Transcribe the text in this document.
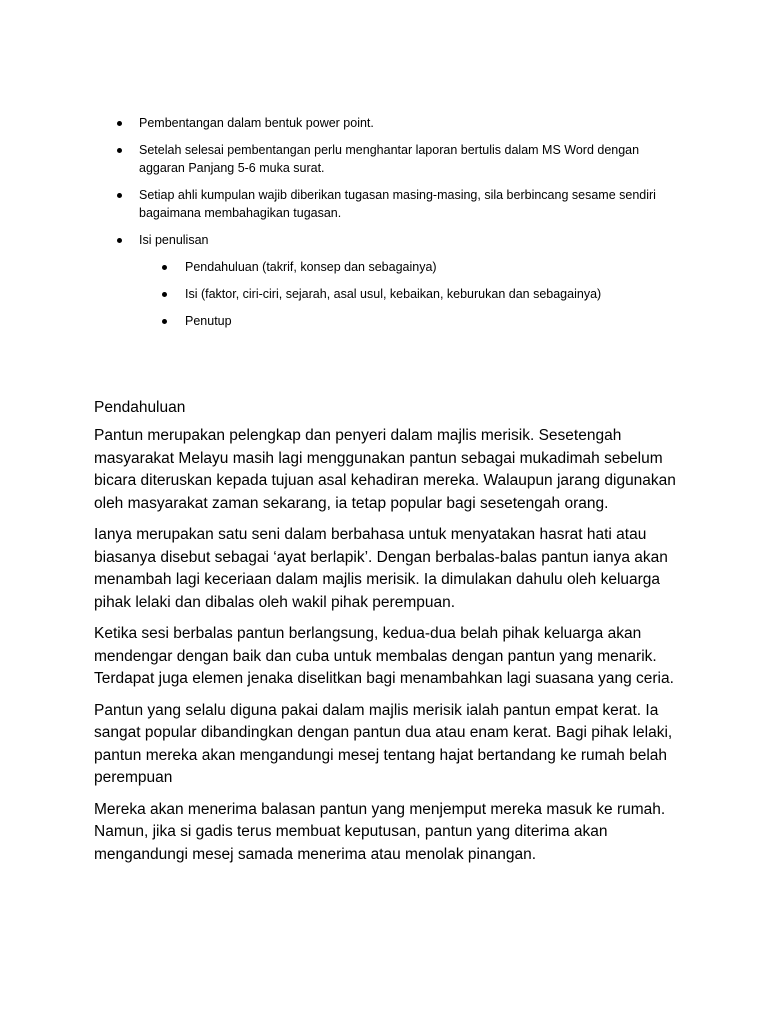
Pembentangan dalam bentuk power point.
Setelah selesai pembentangan perlu menghantar laporan bertulis dalam MS Word dengan aggaran Panjang 5-6 muka surat.
Setiap ahli kumpulan wajib diberikan tugasan masing-masing, sila berbincang sesame sendiri bagaimana membahagikan tugasan.
Isi penulisan
Pendahuluan (takrif, konsep dan sebagainya)
Isi (faktor, ciri-ciri, sejarah, asal usul, kebaikan, keburukan dan sebagainya)
Penutup
Pendahuluan

Pantun merupakan pelengkap dan penyeri dalam majlis merisik. Sesetengah masyarakat Melayu masih lagi menggunakan pantun sebagai mukadimah sebelum bicara diteruskan kepada tujuan asal kehadiran mereka. Walaupun jarang digunakan oleh masyarakat zaman sekarang, ia tetap popular bagi sesetengah orang.

Ianya merupakan satu seni dalam berbahasa untuk menyatakan hasrat hati atau biasanya disebut sebagai ‘ayat berlapik’. Dengan berbalas-balas pantun ianya akan menambah lagi keceriaan dalam majlis merisik. Ia dimulakan dahulu oleh keluarga pihak lelaki dan dibalas oleh wakil pihak perempuan.

Ketika sesi berbalas pantun berlangsung, kedua-dua belah pihak keluarga akan mendengar dengan baik dan cuba untuk membalas dengan pantun yang menarik. Terdapat juga elemen jenaka diselitkan bagi menambahkan lagi suasana yang ceria.

Pantun yang selalu diguna pakai dalam majlis merisik ialah pantun empat kerat. Ia sangat popular dibandingkan dengan pantun dua atau enam kerat. Bagi pihak lelaki, pantun mereka akan mengandungi mesej tentang hajat bertandang ke rumah belah perempuan

Mereka akan menerima balasan pantun yang menjemput mereka masuk ke rumah. Namun, jika si gadis terus membuat keputusan, pantun yang diterima akan mengandungi mesej samada menerima atau menolak pinangan.
